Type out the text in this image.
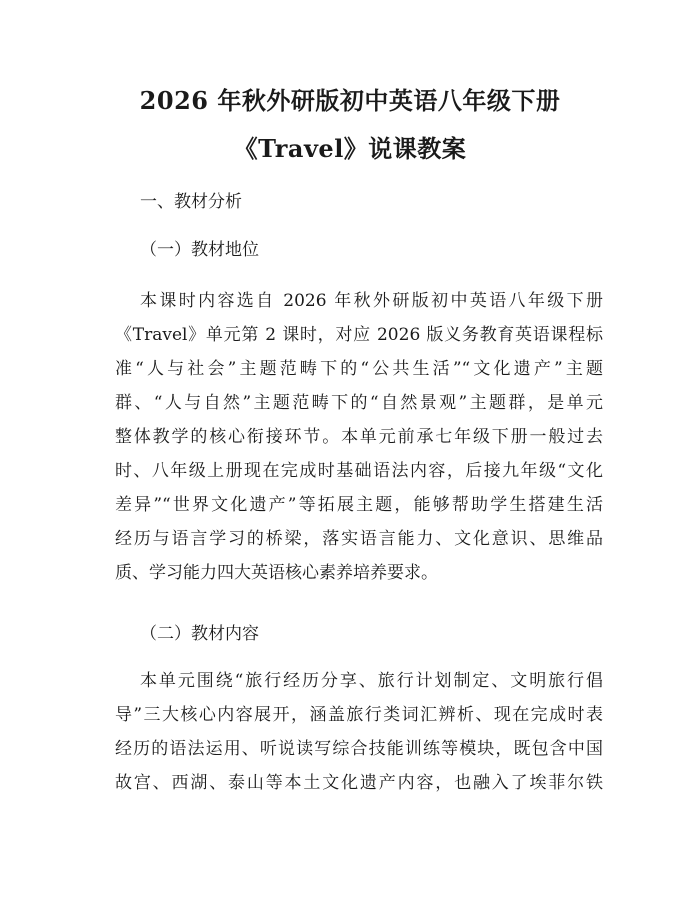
2026 年秋外研版初中英语八年级下册
《Travel》说课教案
一、教材分析
（一）教材地位
本课时内容选自 2026 年秋外研版初中英语八年级下册
《Travel》单元第 2 课时，对应 2026 版义务教育英语课程标
准“人与社会”主题范畴下的“公共生活”“文化遗产”主题
群、“人与自然”主题范畴下的“自然景观”主题群，是单元
整体教学的核心衔接环节。本单元前承七年级下册一般过去
时、八年级上册现在完成时基础语法内容，后接九年级“文化
差异”“世界文化遗产”等拓展主题，能够帮助学生搭建生活
经历与语言学习的桥梁，落实语言能力、文化意识、思维品
质、学习能力四大英语核心素养培养要求。
（二）教材内容
本单元围绕“旅行经历分享、旅行计划制定、文明旅行倡
导”三大核心内容展开，涵盖旅行类词汇辨析、现在完成时表
经历的语法运用、听说读写综合技能训练等模块，既包含中国
故宫、西湖、泰山等本土文化遗产内容，也融入了埃菲尔铁
